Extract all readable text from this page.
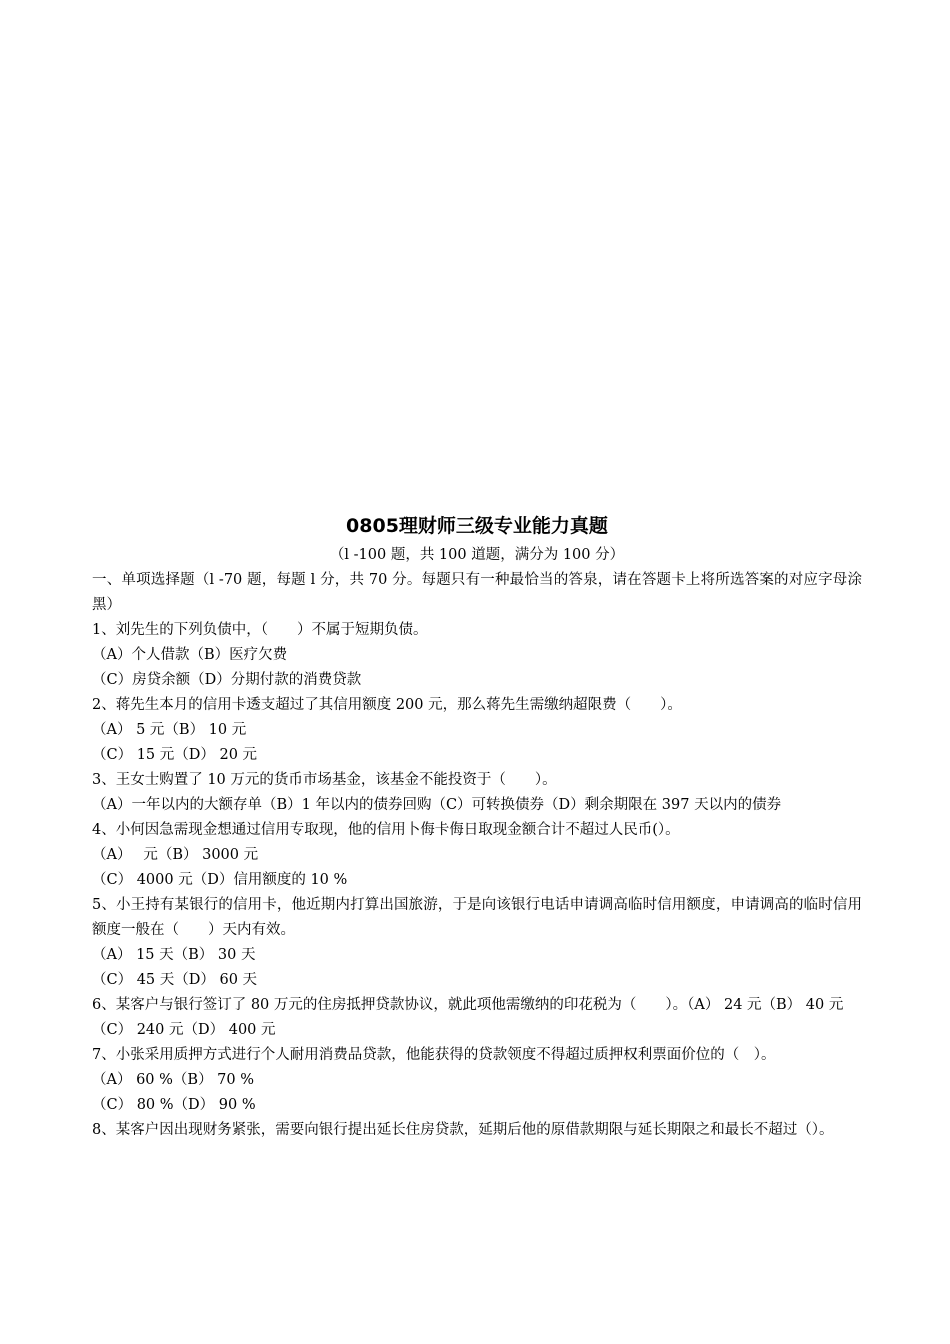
0805理财师三级专业能力真题

（l -100 题，共 100 道题，满分为 100 分）

一、单项选择题（l -70 题，每题 l 分，共 70 分。每题只有一种最恰当的答泉，请在答题卡上将所选答案的对应字母涂黑）

1、刘先生的下列负债中，（　　）不属于短期负债。

（A）个人借款（B）医疗欠费

（C）房贷余额（D）分期付款的消费贷款

2、蒋先生本月的信用卡透支超过了其信用额度 200 元，那么蒋先生需缴纳超限费（　　）。

（A） 5 元（B） 10 元

（C） 15 元（D） 20 元

3、王女士购置了 10 万元的货币市场基金，该基金不能投资于（　　）。

（A）一年以内的大额存单（B）1 年以内的债券回购（C）可转换债券（D）剩余期限在 397 天以内的债券

4、小何因急需现金想通过信用专取现，他的信用卜侮卡侮日取现金额合计不超过人民币(）。

（A）　 元（B） 3000 元

（C） 4000 元（D）信用额度的 10 %

5、小王持有某银行的信用卡，他近期内打算出国旅游，于是向该银行电话申请调高临时信用额度，申请调高的临时信用额度一般在（　　）天内有效。

（A） 15 天（B） 30 天

（C） 45 天（D） 60 天

6、某客户与银行签订了 80 万元的住房抵押贷款协议，就此项他需缴纳的印花税为（　　）。（A） 24 元（B） 40 元

（C） 240 元（D） 400 元

7、小张采用质押方式进行个人耐用消费品贷款，他能获得的贷款领度不得超过质押权利票面价位的（　）。

（A） 60 %（B） 70 %

（C） 80 %（D） 90 %

8、某客户因出现财务紧张，需要向银行提出延长住房贷款，延期后他的原借款期限与延长期限之和最长不超过（）。
